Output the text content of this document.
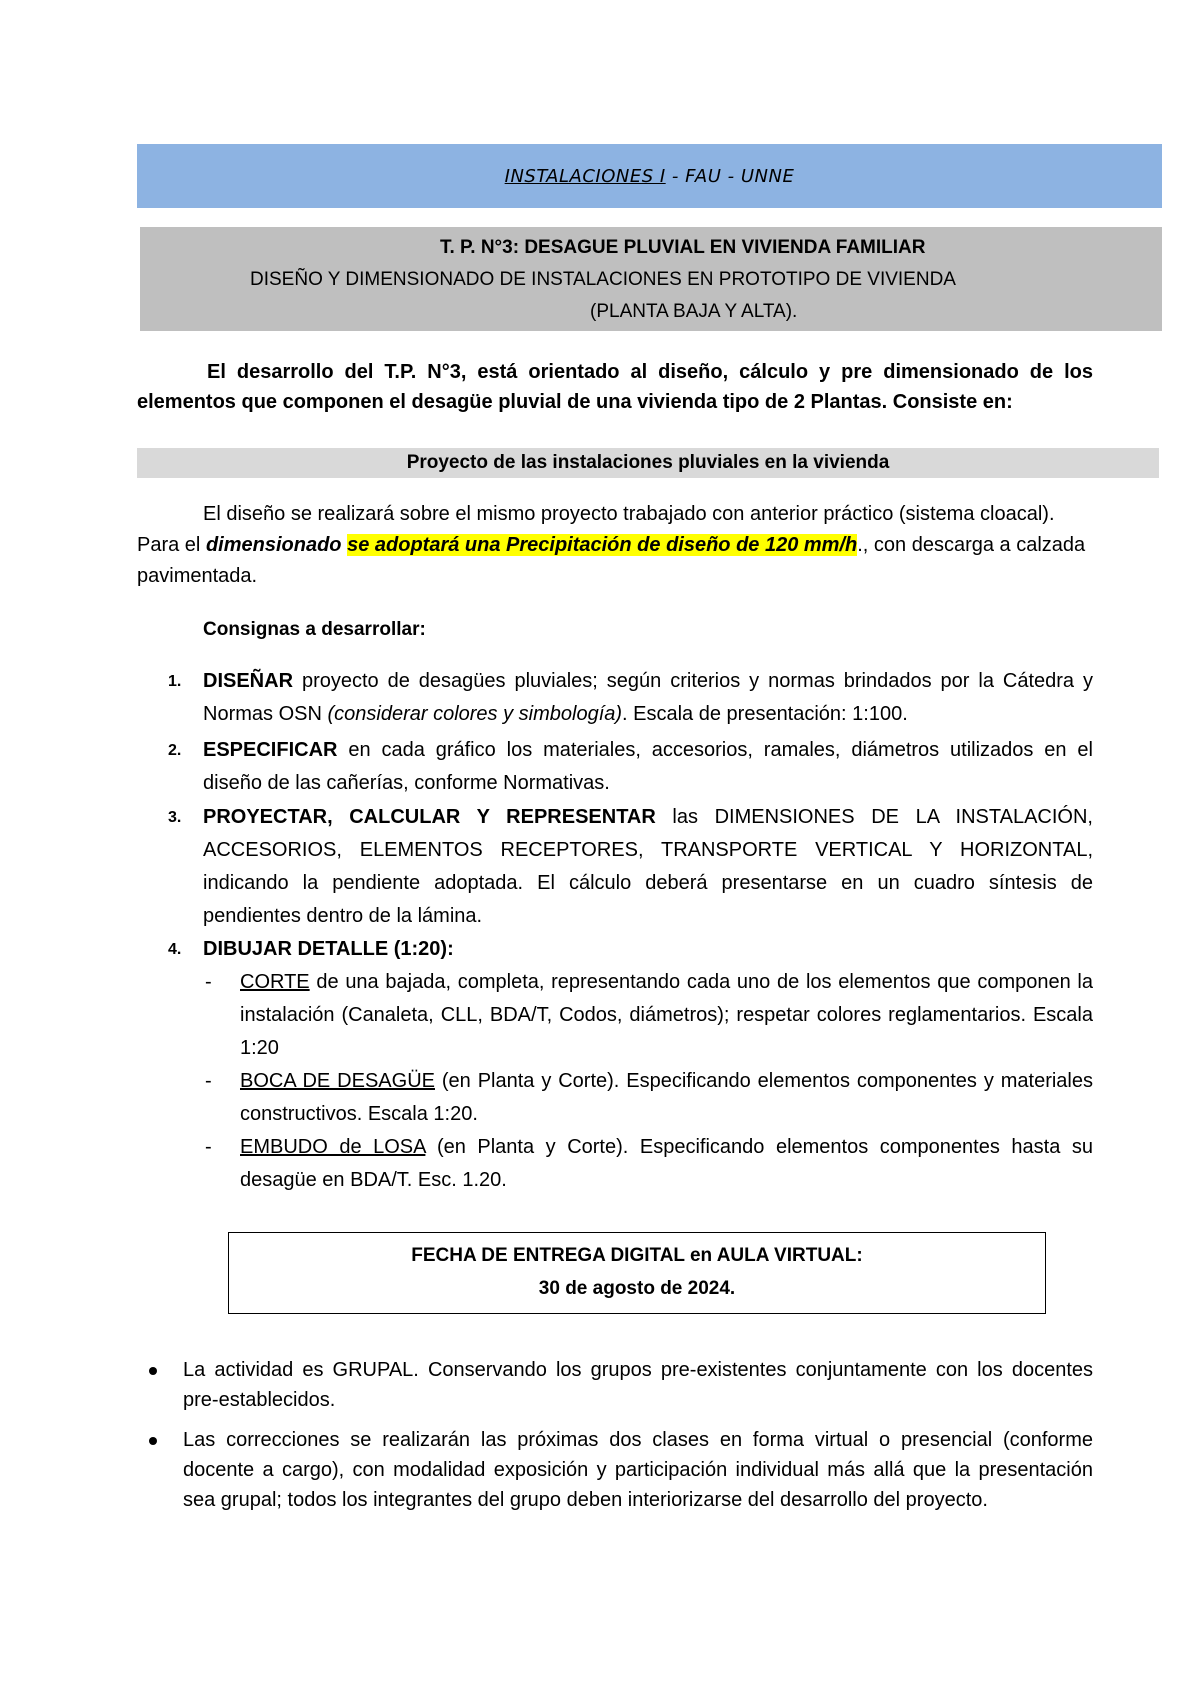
INSTALACIONES I - FAU - UNNE
T. P. N°3: DESAGUE PLUVIAL EN VIVIENDA FAMILIAR
DISEÑO Y DIMENSIONADO DE INSTALACIONES EN PROTOTIPO DE VIVIENDA
(PLANTA BAJA Y ALTA).
El desarrollo del T.P. N°3, está orientado al diseño, cálculo y pre dimensionado de los elementos que componen el desagüe pluvial de una vivienda tipo de 2 Plantas. Consiste en:
Proyecto de las instalaciones pluviales en la vivienda
El diseño se realizará sobre el mismo proyecto trabajado con anterior práctico (sistema cloacal). Para el dimensionado se adoptará una Precipitación de diseño de 120 mm/h., con descarga a calzada pavimentada.
Consignas a desarrollar:
1. DISEÑAR proyecto de desagües pluviales; según criterios y normas brindados por la Cátedra y Normas OSN (considerar colores y simbología). Escala de presentación: 1:100.
2. ESPECIFICAR en cada gráfico los materiales, accesorios, ramales, diámetros utilizados en el diseño de las cañerías, conforme Normativas.
3. PROYECTAR, CALCULAR Y REPRESENTAR las DIMENSIONES DE LA INSTALACIÓN, ACCESORIOS, ELEMENTOS RECEPTORES, TRANSPORTE VERTICAL Y HORIZONTAL, indicando la pendiente adoptada. El cálculo deberá presentarse en un cuadro síntesis de pendientes dentro de la lámina.
4. DIBUJAR DETALLE (1:20):
- CORTE de una bajada, completa, representando cada uno de los elementos que componen la instalación (Canaleta, CLL, BDA/T, Codos, diámetros); respetar colores reglamentarios. Escala 1:20
- BOCA DE DESAGÜE (en Planta y Corte). Especificando elementos componentes y materiales constructivos. Escala 1:20.
- EMBUDO de LOSA (en Planta y Corte). Especificando elementos componentes hasta su desagüe en BDA/T. Esc. 1.20.
FECHA DE ENTREGA DIGITAL en AULA VIRTUAL:
30 de agosto de 2024.
La actividad es GRUPAL. Conservando los grupos pre-existentes conjuntamente con los docentes pre-establecidos.
Las correcciones se realizarán las próximas dos clases en forma virtual o presencial (conforme docente a cargo), con modalidad exposición y participación individual más allá que la presentación sea grupal; todos los integrantes del grupo deben interiorizarse del desarrollo del proyecto.
